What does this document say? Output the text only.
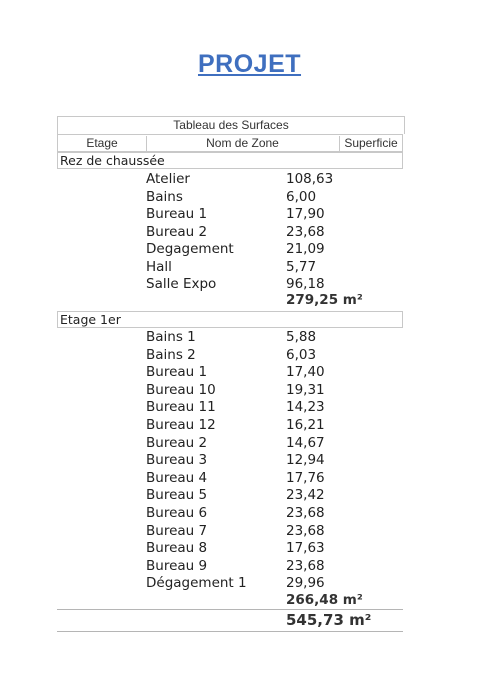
PROJET
Tableau des Surfaces
Etage	Nom de Zone	Superficie
Rez de chaussée
Atelier	108,63
Bains	6,00
Bureau 1	17,90
Bureau 2	23,68
Degagement	21,09
Hall	5,77
Salle Expo	96,18
279,25 m²
Etage 1er
Bains 1	5,88
Bains 2	6,03
Bureau 1	17,40
Bureau 10	19,31
Bureau 11	14,23
Bureau 12	16,21
Bureau 2	14,67
Bureau 3	12,94
Bureau 4	17,76
Bureau 5	23,42
Bureau 6	23,68
Bureau 7	23,68
Bureau 8	17,63
Bureau 9	23,68
Dégagement 1	29,96
266,48 m²
545,73 m²
